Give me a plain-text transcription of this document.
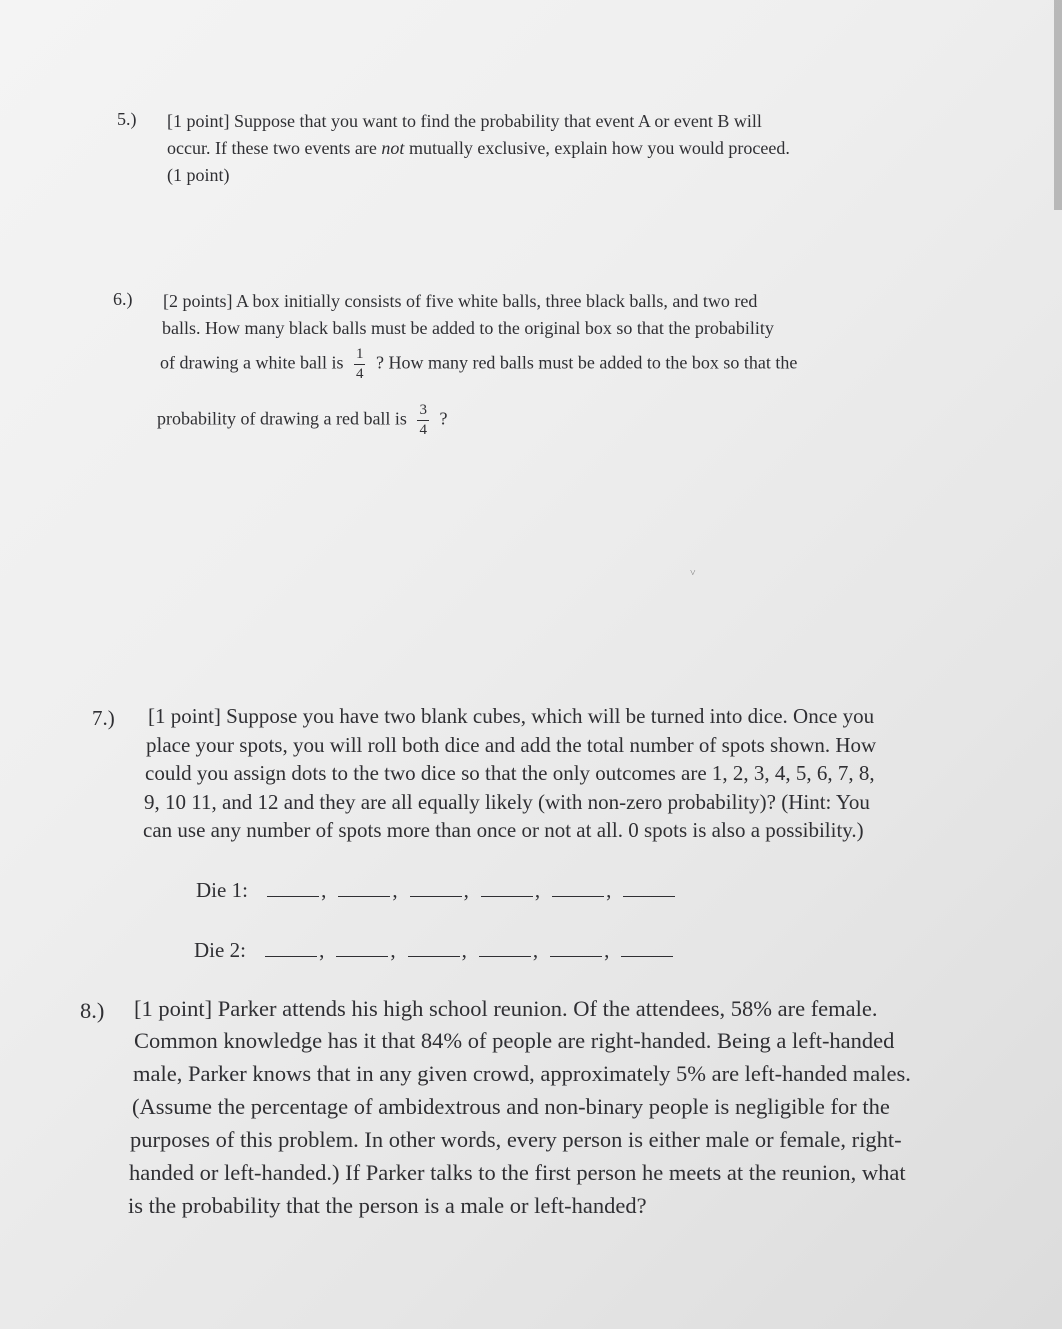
5.) [1 point] Suppose that you want to find the probability that event A or event B will
occur. If these two events are not mutually exclusive, explain how you would proceed.
(1 point)
6.) [2 points] A box initially consists of five white balls, three black balls, and two red
balls. How many black balls must be added to the original box so that the probability
of drawing a white ball is $\frac{1}{4}$ ? How many red balls must be added to the box so that the
probability of drawing a red ball is $\frac{3}{4}$ ?
˅
7.) [1 point] Suppose you have two blank cubes, which will be turned into dice. Once you
place your spots, you will roll both dice and add the total number of spots shown. How
could you assign dots to the two dice so that the only outcomes are 1, 2, 3, 4, 5, 6, 7, 8,
9, 10 11, and 12 and they are all equally likely (with non-zero probability)? (Hint: You
can use any number of spots more than once or not at all. 0 spots is also a possibility.)
Die 1:	,	,	,	,	,
Die 2:	,	,	,	,	,
8.) [1 point] Parker attends his high school reunion. Of the attendees, 58% are female.
Common knowledge has it that 84% of people are right-handed. Being a left-handed
male, Parker knows that in any given crowd, approximately 5% are left-handed males.
(Assume the percentage of ambidextrous and non-binary people is negligible for the
purposes of this problem. In other words, every person is either male or female, right-
handed or left-handed.) If Parker talks to the first person he meets at the reunion, what
is the probability that the person is a male or left-handed?
